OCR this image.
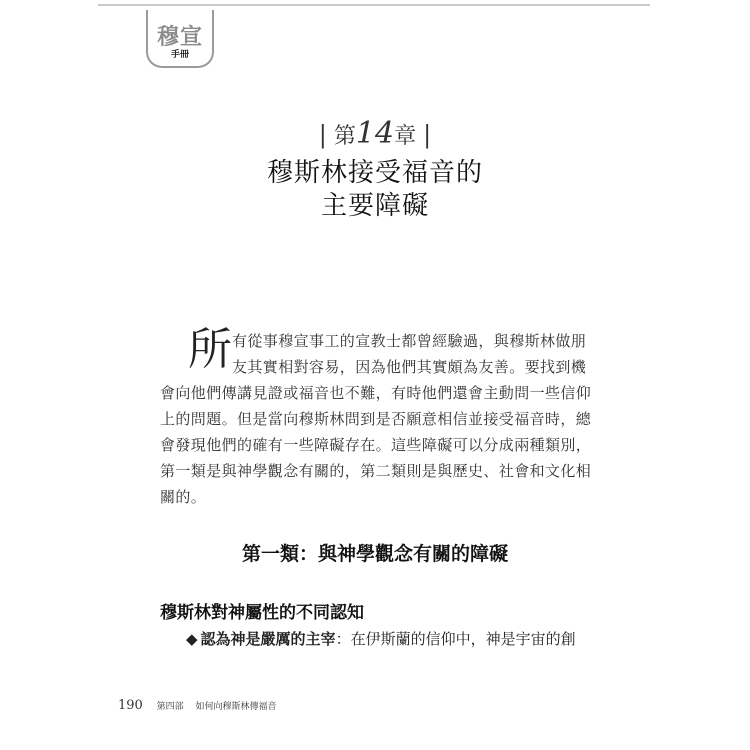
穆宣
手冊
| 第14章 |
穆斯林接受福音的
主要障礙
所 有從事穆宣事工的宣教士都曾經驗過，與穆斯林做朋
友其實相對容易，因為他們其實頗為友善。要找到機
會向他們傳講見證或福音也不難，有時他們還會主動問一些信仰
上的問題。但是當向穆斯林問到是否願意相信並接受福音時，總
會發現他們的確有一些障礙存在。這些障礙可以分成兩種類別，
第一類是與神學觀念有關的，第二類則是與歷史、社會和文化相
關的。
第一類：與神學觀念有關的障礙
穆斯林對神屬性的不同認知
◆ 認為神是嚴厲的主宰：在伊斯蘭的信仰中，神是宇宙的創
190 第四部 如何向穆斯林傳福音
